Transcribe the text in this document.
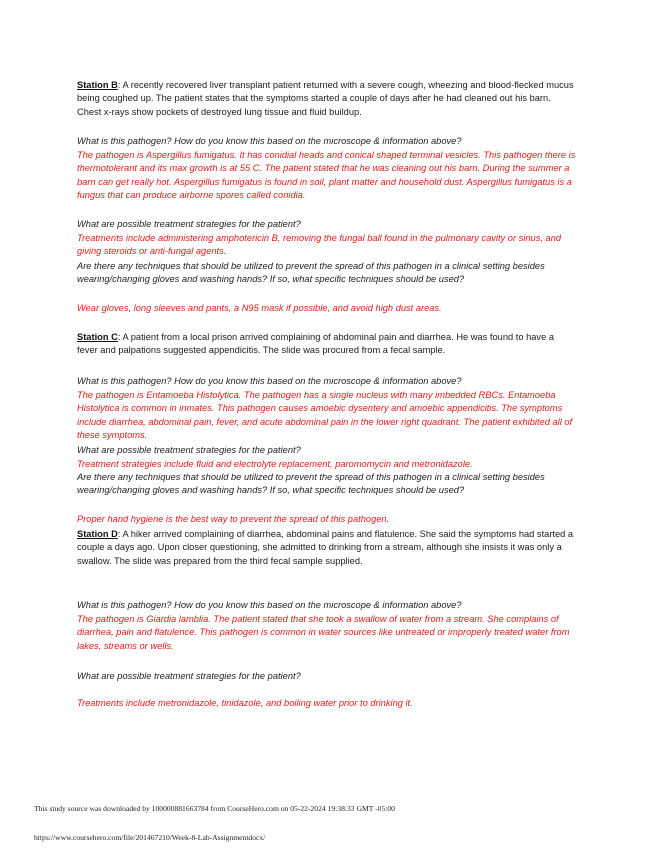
Station B: A recently recovered liver transplant patient returned with a severe cough, wheezing and blood-flecked mucus being coughed up. The patient states that the symptoms started a couple of days after he had cleaned out his barn. Chest x-rays show pockets of destroyed lung tissue and fluid buildup.

What is this pathogen? How do you know this based on the microscope & information above?

The pathogen is Aspergillus fumigatus. It has conidial heads and conical shaped terminal vesicles. This pathogen there is thermotolerant and its max growth is at 55 C. The patient stated that he was cleaning out his barn. During the summer a barn can get really hot. Aspergillus fumigatus is found in soil, plant matter and household dust. Aspergillus fumigatus is a fungus that can produce airborne spores called conidia.

What are possible treatment strategies for the patient?

Treatments include administering amphotericin B, removing the fungal ball found in the pulmonary cavity or sinus, and giving steroids or anti-fungal agents.

Are there any techniques that should be utilized to prevent the spread of this pathogen in a clinical setting besides wearing/changing gloves and washing hands? If so, what specific techniques should be used?

Wear gloves, long sleeves and pants, a N95 mask if possible, and avoid high dust areas.

Station C: A patient from a local prison arrived complaining of abdominal pain and diarrhea. He was found to have a fever and palpations suggested appendicitis. The slide was procured from a fecal sample.

What is this pathogen? How do you know this based on the microscope & information above?

The pathogen is Entamoeba Histolytica. The pathogen has a single nucleus with many imbedded RBCs. Entamoeba Histolytica is common in inmates. This pathogen causes amoebic dysentery and amoebic appendicitis. The symptoms include diarrhea, abdominal pain, fever, and acute abdominal pain in the lower right quadrant. The patient exhibited all of these symptoms.

What are possible treatment strategies for the patient?

Treatment strategies include fluid and electrolyte replacement, paromomycin and metronidazole.

Are there any techniques that should be utilized to prevent the spread of this pathogen in a clinical setting besides wearing/changing gloves and washing hands? If so, what specific techniques should be used?

Proper hand hygiene is the best way to prevent the spread of this pathogen.

Station D: A hiker arrived complaining of diarrhea, abdominal pains and flatulence. She said the symptoms had started a couple a days ago. Upon closer questioning, she admitted to drinking from a stream, although she insists it was only a swallow. The slide was prepared from the third fecal sample supplied.

What is this pathogen? How do you know this based on the microscope & information above?

The pathogen is Giardia lamblia. The patient stated that she took a swallow of water from a stream. She complains of diarrhea, pain and flatulence. This pathogen is common in water sources like untreated or improperly treated water from lakes, streams or wells.

What are possible treatment strategies for the patient?

Treatments include metronidazole, tinidazole, and boiling water prior to drinking it.

This study source was downloaded by 100000881663784 from CourseHero.com on 05-22-2024 19:38:33 GMT -05:00
https://www.coursehero.com/file/201467210/Week-8-Lab-Assignmentdocx/
